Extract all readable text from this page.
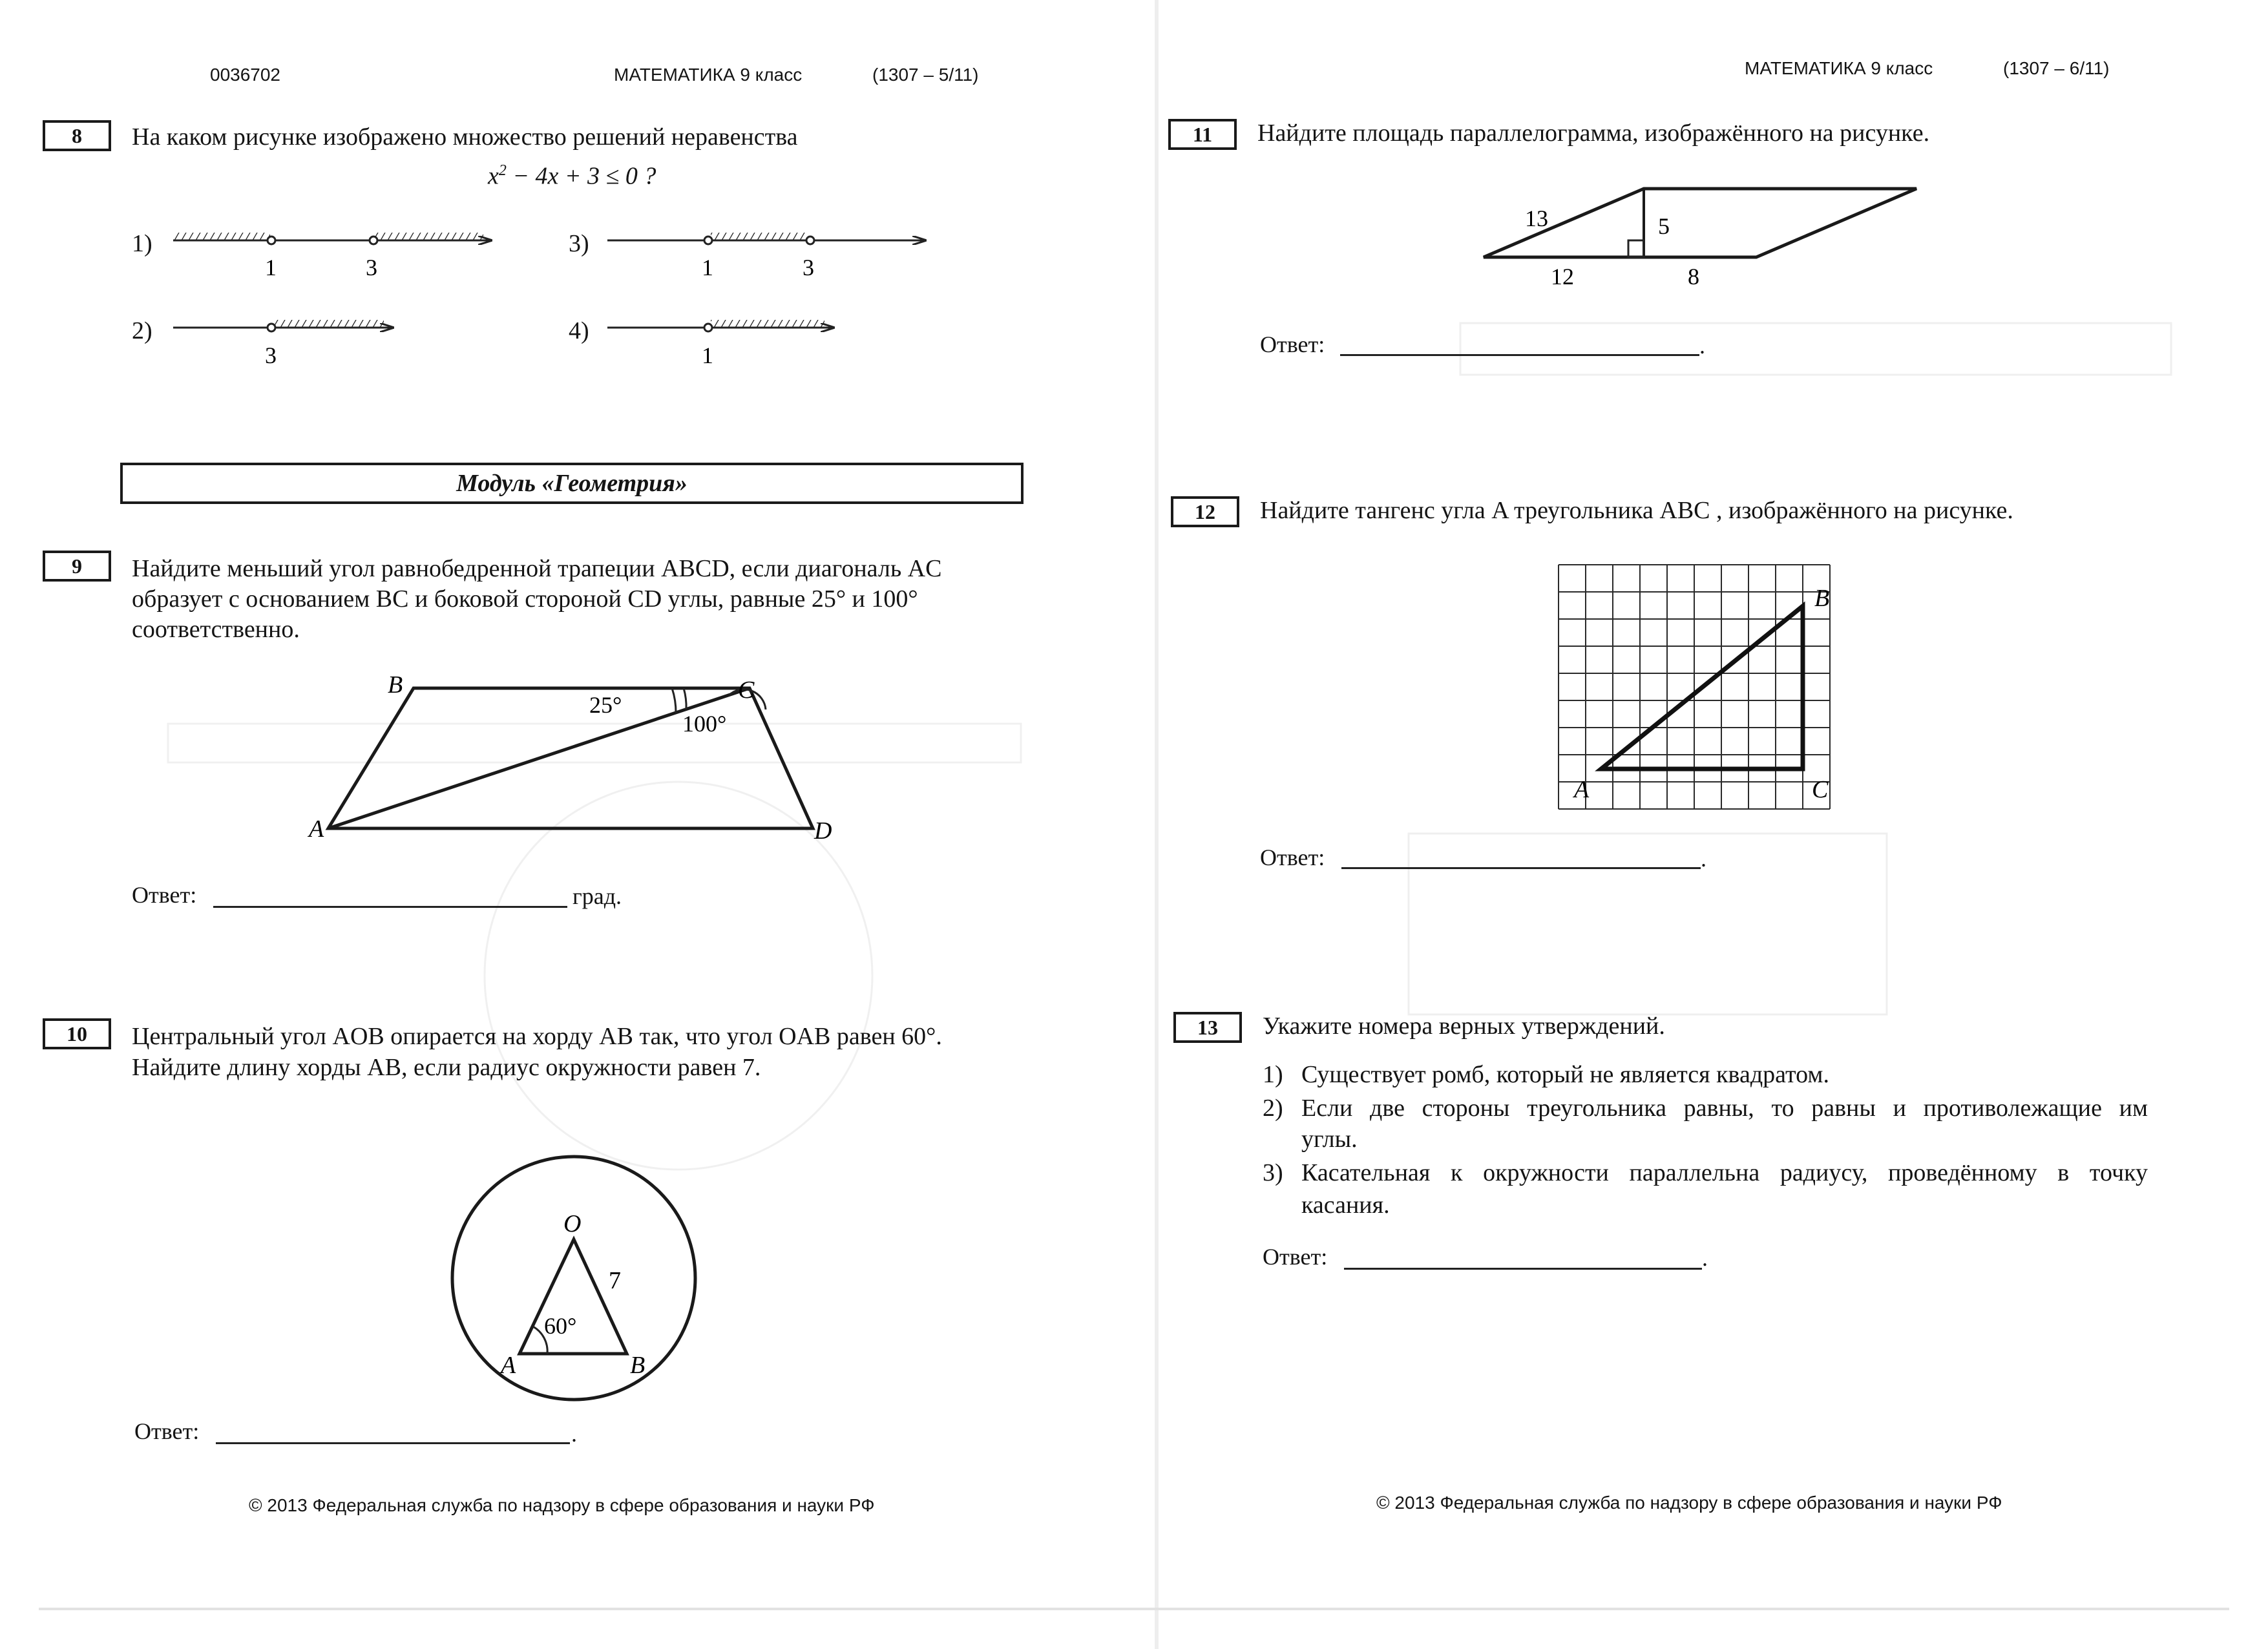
0036702	МАТЕМАТИКА 9 класс	(1307 – 5/11)
8	На каком рисунке изображено множество решений неравенства
$x^2 - 4x + 3 \le 0$ ?
1)	3)
2)	4)
1	3	1	3
3	1
Модуль «Геометрия»
9	Найдите меньший угол равнобедренной трапеции ABCD, если диагональ AC
образует с основанием BC и боковой стороной CD углы, равные 25° и 100°
соответственно.
B	C
A	D
25°
100°
Ответ:	град.
10	Центральный угол AOB опирается на хорду AB так, что угол OAB равен 60°.
Найдите длину хорды AB, если радиус окружности равен 7.
O
A	B
7
60°
Ответ:	.
© 2013 Федеральная служба по надзору в сфере образования и науки РФ
МАТЕМАТИКА 9 класс	(1307 – 6/11)
11	Найдите площадь параллелограмма, изображённого на рисунке.
13	5
12	8
Ответ:	.
12	Найдите тангенс угла A треугольника ABC , изображённого на рисунке.
A
B
C
Ответ:	.
13	Укажите номера верных утверждений.
1) Существует ромб, который не является квадратом.
2) Если две стороны треугольника равны, то равны и противолежащие им
углы.
3) Касательная к окружности параллельна радиусу, проведённому в точку
касания.
Ответ:	.
© 2013 Федеральная служба по надзору в сфере образования и науки РФ
